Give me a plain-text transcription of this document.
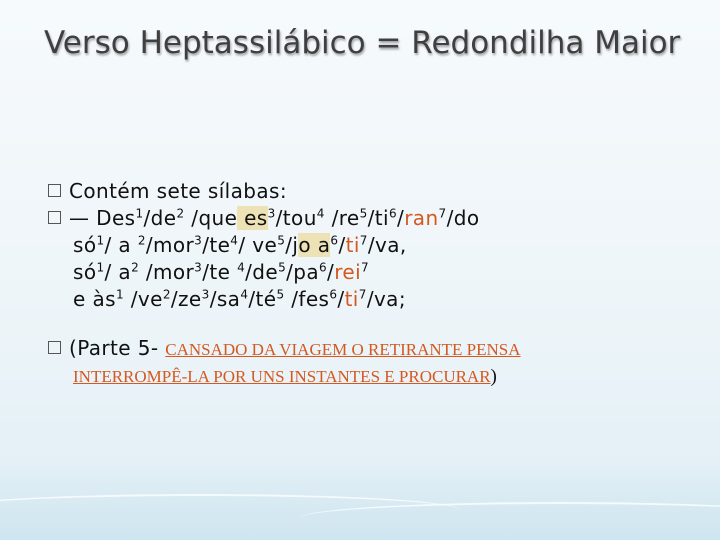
Verso Heptassilábico = Redondilha Maior
Contém sete sílabas:
— $Des^1/de^2$ /que $es^3/tou^4$ $/re^5/ti^6/ran^7/do$
$só^1/$ a $^2/mor^3/te^4/$ $ve^5/jo$ $a^6/ti^7/va$,
$só^1/$ $a^2$ /mor$^3$/te $^4/de^5/pa^6/rei^7$
e $às^1$ $/ve^2/ze^3/sa^4/té^5$ $/fes^6/ti^7/va$;
(Parte 5- CANSADO DA VIAGEM O RETIRANTE PENSA
INTERROMPÊ-LA POR UNS INSTANTES E PROCURAR)
